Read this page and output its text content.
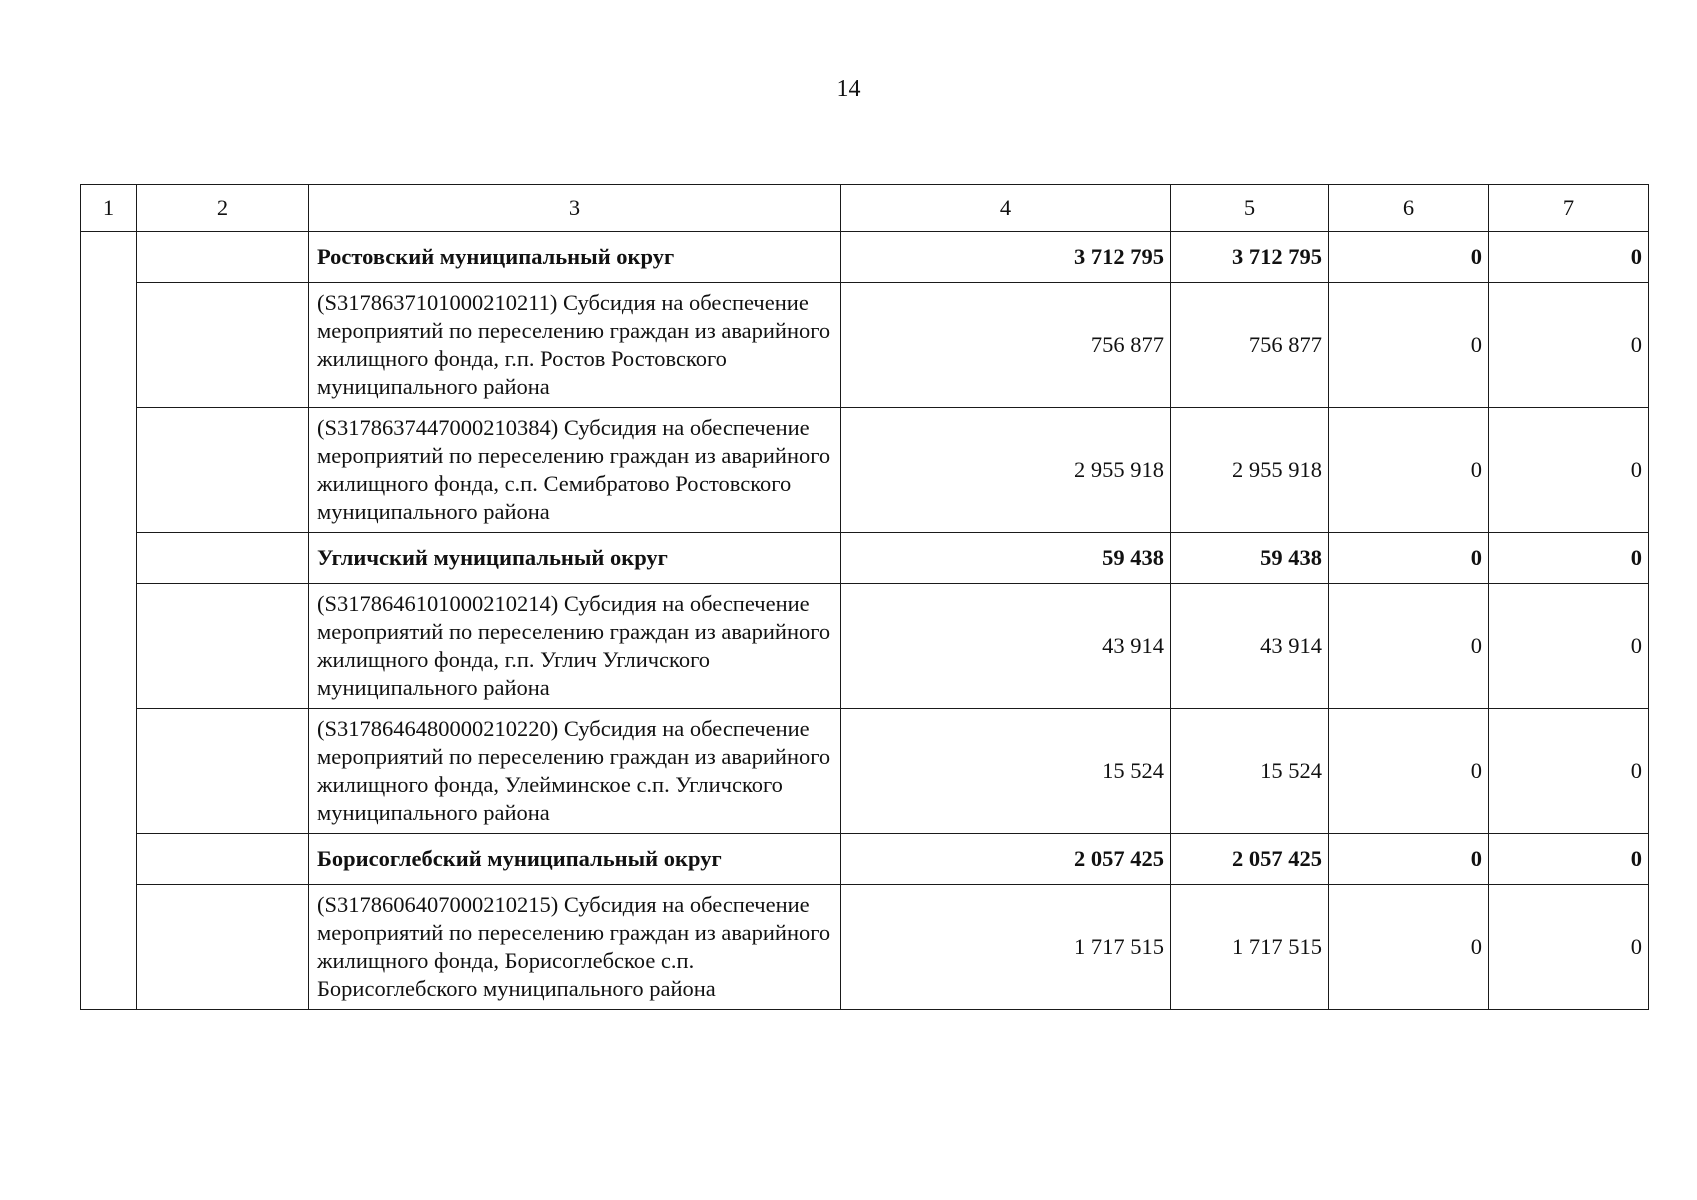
14
1	2	3	4	5	6	7
		Ростовский муниципальный округ	3 712 795	3 712 795	0	0
		(S3178637101000210211) Субсидия на обеспечение мероприятий по переселению граждан из аварийного жилищного фонда, г.п. Ростов Ростовского муниципального района	756 877	756 877	0	0
		(S3178637447000210384) Субсидия на обеспечение мероприятий по переселению граждан из аварийного жилищного фонда, с.п. Семибратово Ростовского муниципального района	2 955 918	2 955 918	0	0
		Угличский муниципальный округ	59 438	59 438	0	0
		(S3178646101000210214) Субсидия на обеспечение мероприятий по переселению граждан из аварийного жилищного фонда, г.п. Углич Угличского муниципального района	43 914	43 914	0	0
		(S3178646480000210220) Субсидия на обеспечение мероприятий по переселению граждан из аварийного жилищного фонда, Улейминское с.п. Угличского муниципального района	15 524	15 524	0	0
		Борисоглебский муниципальный округ	2 057 425	2 057 425	0	0
		(S3178606407000210215) Субсидия на обеспечение мероприятий по переселению граждан из аварийного жилищного фонда, Борисоглебское с.п. Борисоглебского муниципального района	1 717 515	1 717 515	0	0
